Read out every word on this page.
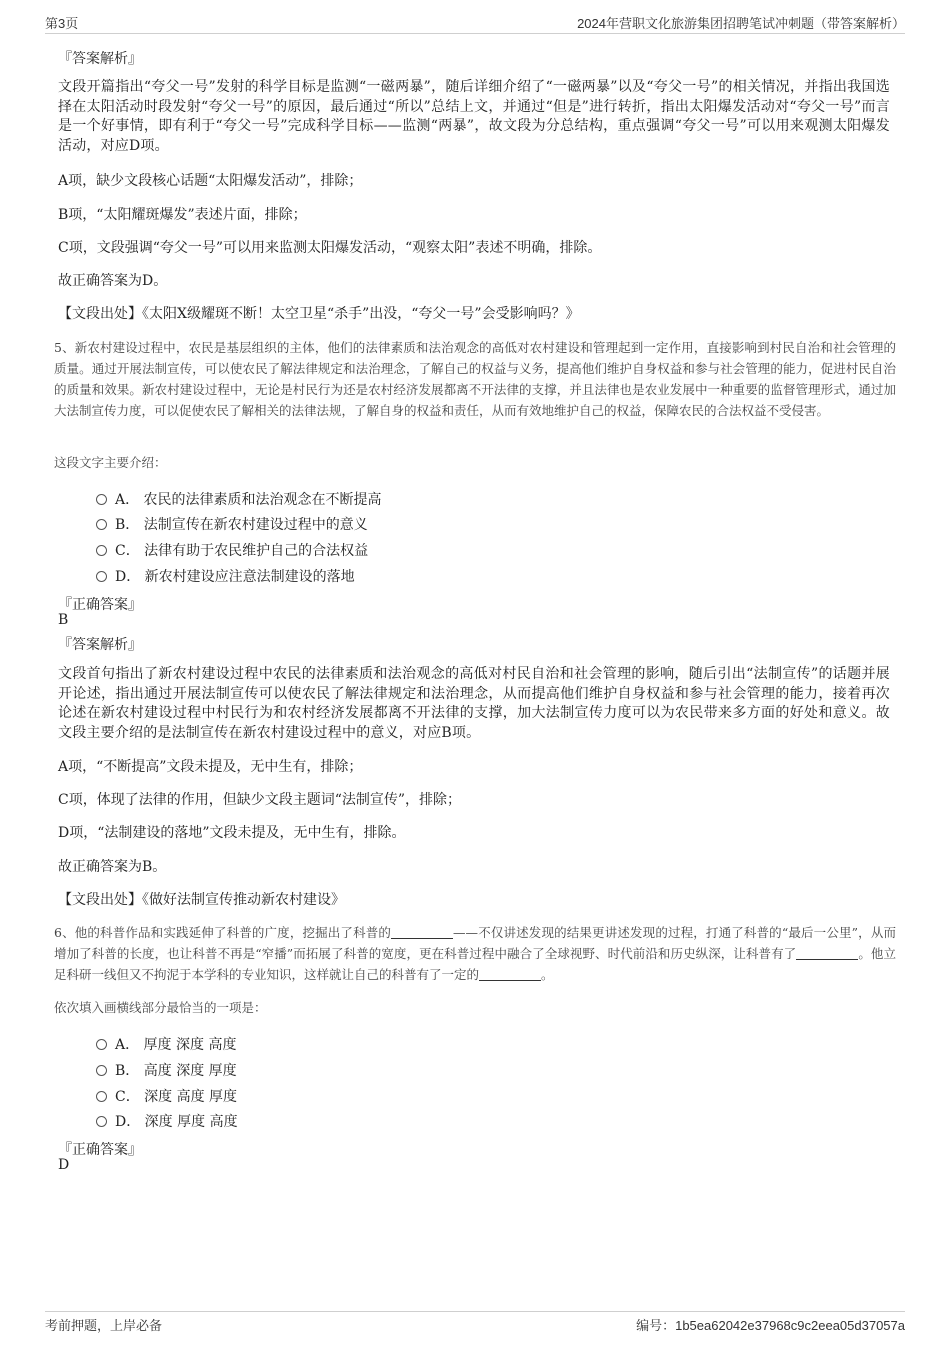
第3页	2024年营职文化旅游集团招聘笔试冲刺题（带答案解析）
『答案解析』
文段开篇指出“夸父一号”发射的科学目标是监测“一磁两暴”，随后详细介绍了“一磁两暴”以及“夸父一号”的相关情况，并指出我国选择在太阳活动时段发射“夸父一号”的原因，最后通过“所以”总结上文，并通过“但是”进行转折，指出太阳爆发活动对“夸父一号”而言是一个好事情，即有利于“夸父一号”完成科学目标——监测“两暴”，故文段为分总结构，重点强调“夸父一号”可以用来观测太阳爆发活动，对应D项。
A项，缺少文段核心话题“太阳爆发活动”，排除；
B项，“太阳耀斑爆发”表述片面，排除；
C项，文段强调“夸父一号”可以用来监测太阳爆发活动，“观察太阳”表述不明确，排除。
故正确答案为D。
【文段出处】《太阳X级耀斑不断！太空卫星“杀手”出没，“夸父一号”会受影响吗？》
5、新农村建设过程中，农民是基层组织的主体，他们的法律素质和法治观念的高低对农村建设和管理起到一定作用，直接影响到村民自治和社会管理的质量。通过开展法制宣传，可以使农民了解法律规定和法治理念，了解自己的权益与义务，提高他们维护自身权益和参与社会管理的能力，促进村民自治的质量和效果。新农村建设过程中，无论是村民行为还是农村经济发展都离不开法律的支撑，并且法律也是农业发展中一种重要的监督管理形式，通过加大法制宣传力度，可以促使农民了解相关的法律法规，了解自身的权益和责任，从而有效地维护自己的权益，保障农民的合法权益不受侵害。
这段文字主要介绍：
A． 农民的法律素质和法治观念在不断提高
B． 法制宣传在新农村建设过程中的意义
C． 法律有助于农民维护自己的合法权益
D． 新农村建设应注意法制建设的落地
『正确答案』
B
『答案解析』
文段首句指出了新农村建设过程中农民的法律素质和法治观念的高低对村民自治和社会管理的影响，随后引出“法制宣传”的话题并展开论述，指出通过开展法制宣传可以使农民了解法律规定和法治理念，从而提高他们维护自身权益和参与社会管理的能力，接着再次论述在新农村建设过程中村民行为和农村经济发展都离不开法律的支撑，加大法制宣传力度可以为农民带来多方面的好处和意义。故文段主要介绍的是法制宣传在新农村建设过程中的意义，对应B项。
A项，“不断提高”文段未提及，无中生有，排除；
C项，体现了法律的作用，但缺少文段主题词“法制宣传”，排除；
D项，“法制建设的落地”文段未提及，无中生有，排除。
故正确答案为B。
【文段出处】《做好法制宣传推动新农村建设》
6、他的科普作品和实践延伸了科普的广度，挖掘出了科普的	——不仅讲述发现的结果更讲述发现的过程，打通了科普的“最后一公里”，从而增加了科普的长度，也让科普不再是“窄播”而拓展了科普的宽度，更在科普过程中融合了全球视野、时代前沿和历史纵深，让科普有了	。他立足科研一线但又不拘泥于本学科的专业知识，这样就让自己的科普有了一定的	。
依次填入画横线部分最恰当的一项是：
A． 厚度 深度 高度
B． 高度 深度 厚度
C． 深度 高度 厚度
D． 深度 厚度 高度
『正确答案』
D
考前押题，上岸必备	编号：1b5ea62042e37968c9c2eea05d37057a
